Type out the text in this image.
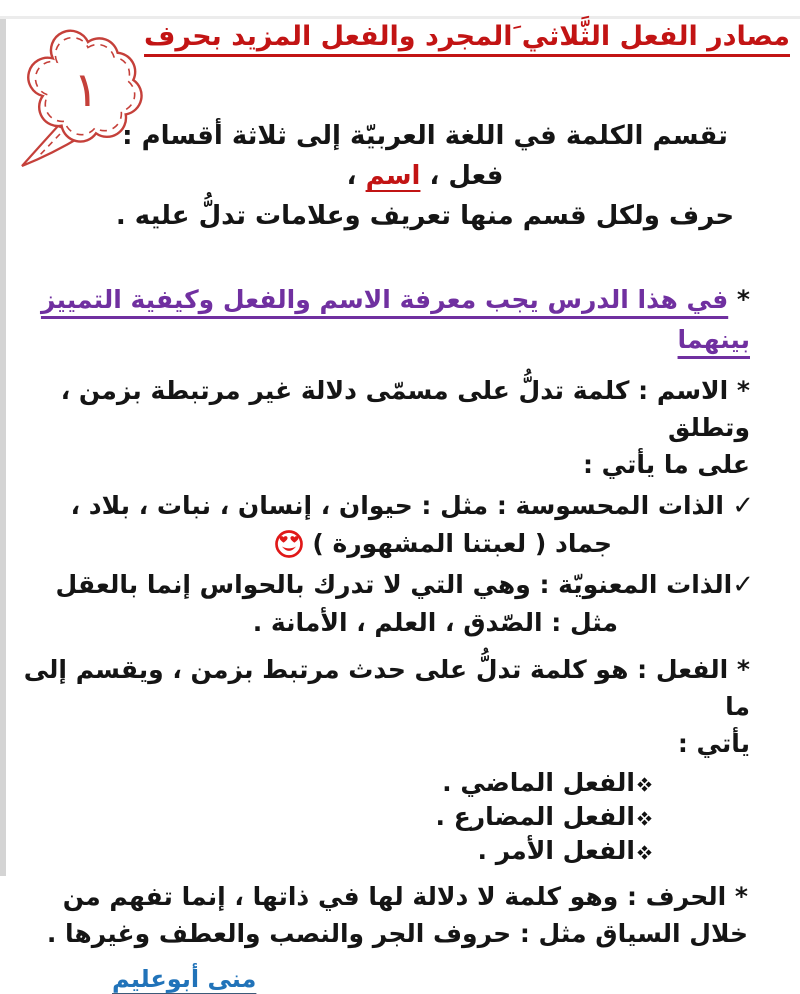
١
مصادر الفعل الثَّلاثي َالمجرد والفعل المزيد بحرف
تقسم الكلمة في اللغة العربيّة إلى ثلاثة أقسام : فعل ، اسم ،
حرف ولكل قسم منها تعريف وعلامات تدلُّ عليه .
* في هذا الدرس يجب معرفة الاسم والفعل وكيفية التمييز بينهما
* الاسم : كلمة تدلُّ على مسمّى دلالة غير مرتبطة بزمن ، وتطلق
على ما يأتي :
✓ الذات المحسوسة : مثل : حيوان ، إنسان ، نبات ، بلاد ،
جماد ( لعبتنا المشهورة )
✓الذات المعنويّة : وهي التي لا تدرك بالحواس إنما بالعقل
مثل : الصّدق ، العلم ، الأمانة .
* الفعل : هو كلمة تدلُّ على حدث مرتبط بزمن ، ويقسم إلى ما
يأتي :
الفعل الماضي .
الفعل المضارع .
الفعل الأمر .
* الحرف : وهو كلمة لا دلالة لها في ذاتها ، إنما تفهم من
خلال السياق مثل : حروف الجر والنصب والعطف وغيرها .
منى أبوعليم
